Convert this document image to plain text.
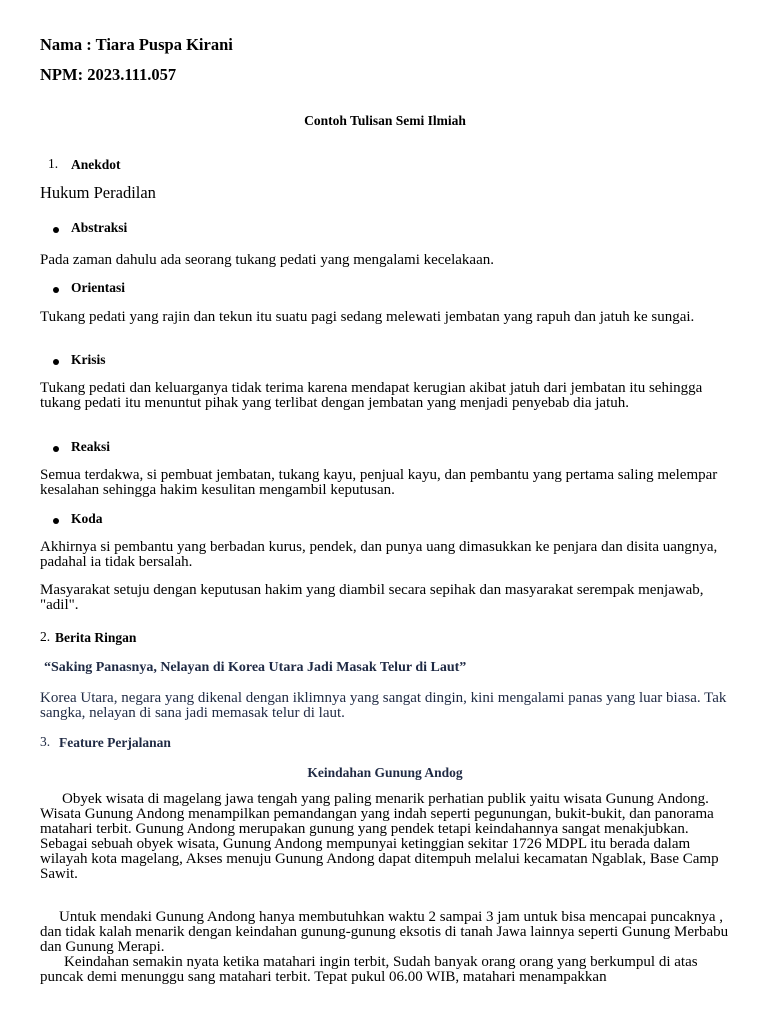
Nama : Tiara Puspa Kirani
NPM: 2023.111.057
Contoh Tulisan Semi Ilmiah
1. Anekdot
Hukum Peradilan
Abstraksi
Pada zaman dahulu ada seorang tukang pedati yang mengalami kecelakaan.
Orientasi
Tukang pedati yang rajin dan tekun itu suatu pagi sedang melewati jembatan yang rapuh dan jatuh ke sungai.
Krisis
Tukang pedati dan keluarganya tidak terima karena mendapat kerugian akibat jatuh dari jembatan itu sehingga tukang pedati itu menuntut pihak yang terlibat dengan jembatan yang menjadi penyebab dia jatuh.
Reaksi
Semua terdakwa, si pembuat jembatan, tukang kayu, penjual kayu, dan pembantu yang pertama saling melempar kesalahan sehingga hakim kesulitan mengambil keputusan.
Koda
Akhirnya si pembantu yang berbadan kurus, pendek, dan punya uang dimasukkan ke penjara dan disita uangnya, padahal ia tidak bersalah.
Masyarakat setuju dengan keputusan hakim yang diambil secara sepihak dan masyarakat serempak menjawab, "adil".
2. Berita Ringan
“Saking Panasnya, Nelayan di Korea Utara Jadi Masak Telur di Laut”
Korea Utara, negara yang dikenal dengan iklimnya yang sangat dingin, kini mengalami panas yang luar biasa. Tak sangka, nelayan di sana jadi memasak telur di laut.
3. Feature Perjalanan
Keindahan Gunung Andog
Obyek wisata di magelang jawa tengah yang paling menarik perhatian publik yaitu wisata Gunung Andong. Wisata Gunung Andong menampilkan pemandangan yang indah seperti pegunungan, bukit-bukit, dan panorama matahari terbit. Gunung Andong merupakan gunung yang pendek tetapi keindahannya sangat menakjubkan. Sebagai sebuah obyek wisata, Gunung Andong mempunyai ketinggian sekitar 1726 MDPL itu berada dalam wilayah kota magelang, Akses menuju Gunung Andong dapat ditempuh melalui kecamatan Ngablak, Base Camp Sawit.
Untuk mendaki Gunung Andong hanya membutuhkan waktu 2 sampai 3 jam untuk bisa mencapai puncaknya , dan tidak kalah menarik dengan keindahan gunung-gunung eksotis di tanah Jawa lainnya seperti Gunung Merbabu dan Gunung Merapi.
Keindahan semakin nyata ketika matahari ingin terbit, Sudah banyak orang orang yang berkumpul di atas puncak demi menunggu sang matahari terbit. Tepat pukul 06.00 WIB, matahari menampakkan
